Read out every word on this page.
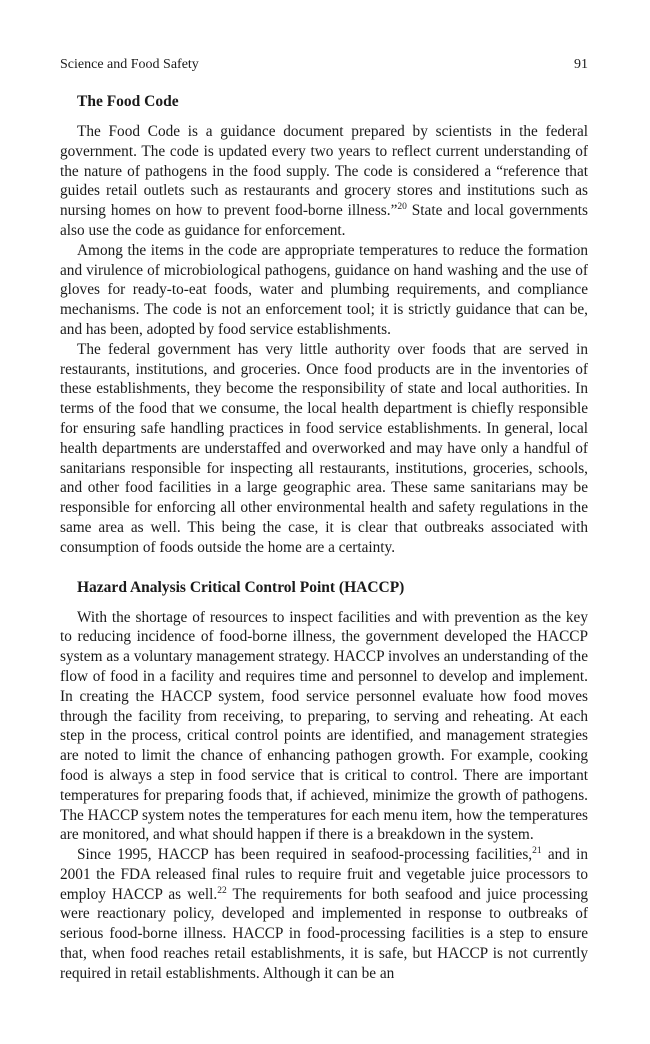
Science and Food Safety	91
The Food Code

The Food Code is a guidance document prepared by scientists in the federal government. The code is updated every two years to reflect current understanding of the nature of pathogens in the food supply. The code is considered a “reference that guides retail outlets such as restaurants and grocery stores and institutions such as nursing homes on how to prevent food-borne illness.”$^{20}$ State and local governments also use the code as guidance for enforcement.

Among the items in the code are appropriate temperatures to reduce the formation and virulence of microbiological pathogens, guidance on hand washing and the use of gloves for ready-to-eat foods, water and plumbing requirements, and compliance mechanisms. The code is not an enforcement tool; it is strictly guidance that can be, and has been, adopted by food service establishments.

The federal government has very little authority over foods that are served in restaurants, institutions, and groceries. Once food products are in the inventories of these establishments, they become the responsibility of state and local authorities. In terms of the food that we consume, the local health department is chiefly responsible for ensuring safe handling practices in food service establishments. In general, local health departments are understaffed and overworked and may have only a handful of sanitarians responsible for inspecting all restaurants, institutions, groceries, schools, and other food facilities in a large geographic area. These same sanitarians may be responsible for enforcing all other environmental health and safety regulations in the same area as well. This being the case, it is clear that outbreaks associated with consumption of foods outside the home are a certainty.

Hazard Analysis Critical Control Point (HACCP)

With the shortage of resources to inspect facilities and with prevention as the key to reducing incidence of food-borne illness, the government developed the HACCP system as a voluntary management strategy. HACCP involves an understanding of the flow of food in a facility and requires time and personnel to develop and implement. In creating the HACCP system, food service personnel evaluate how food moves through the facility from receiving, to preparing, to serving and reheating. At each step in the process, critical control points are identified, and management strategies are noted to limit the chance of enhancing pathogen growth. For example, cooking food is always a step in food service that is critical to control. There are important temperatures for preparing foods that, if achieved, minimize the growth of pathogens. The HACCP system notes the temperatures for each menu item, how the temperatures are monitored, and what should happen if there is a breakdown in the system.

Since 1995, HACCP has been required in seafood-processing facilities,$^{21}$ and in 2001 the FDA released final rules to require fruit and vegetable juice processors to employ HACCP as well.$^{22}$ The requirements for both seafood and juice processing were reactionary policy, developed and implemented in response to outbreaks of serious food-borne illness. HACCP in food-processing facilities is a step to ensure that, when food reaches retail establishments, it is safe, but HACCP is not currently required in retail establishments. Although it can be an
